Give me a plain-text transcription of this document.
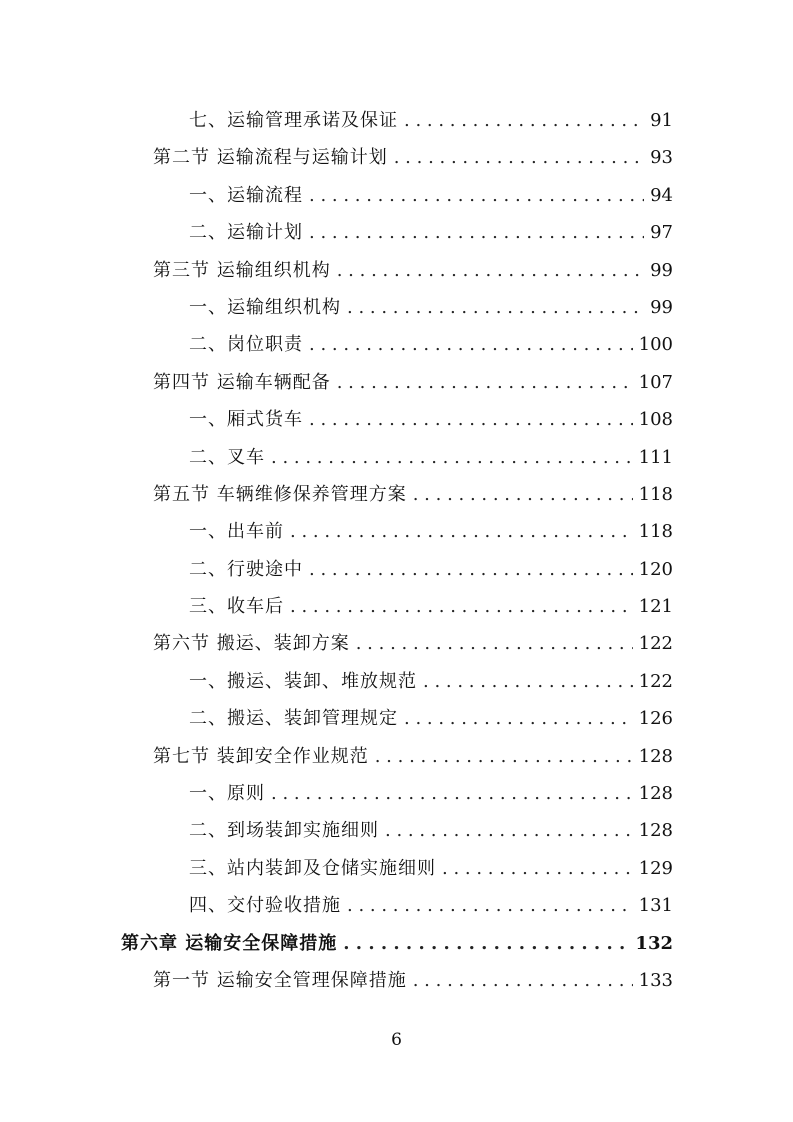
七、运输管理承诺及保证 . . .	91
第二节 运输流程与运输计划 . . .	93
一、运输流程 . . .	94
二、运输计划 . . .	97
第三节 运输组织机构 . . .	99
一、运输组织机构 . . .	99
二、岗位职责 . . .	100
第四节 运输车辆配备 . . .	107
一、厢式货车 . . .	108
二、叉车 . . .	111
第五节 车辆维修保养管理方案 . . .	118
一、出车前 . . .	118
二、行驶途中 . . .	120
三、收车后 . . .	121
第六节 搬运、装卸方案 . . .	122
一、搬运、装卸、堆放规范 . . .	122
二、搬运、装卸管理规定 . . .	126
第七节 装卸安全作业规范 . . .	128
一、原则 . . .	128
二、到场装卸实施细则 . . .	128
三、站内装卸及仓储实施细则 . . .	129
四、交付验收措施 . . .	131
第六章 运输安全保障措施 . . .	132
第一节 运输安全管理保障措施 . . .	133
6
